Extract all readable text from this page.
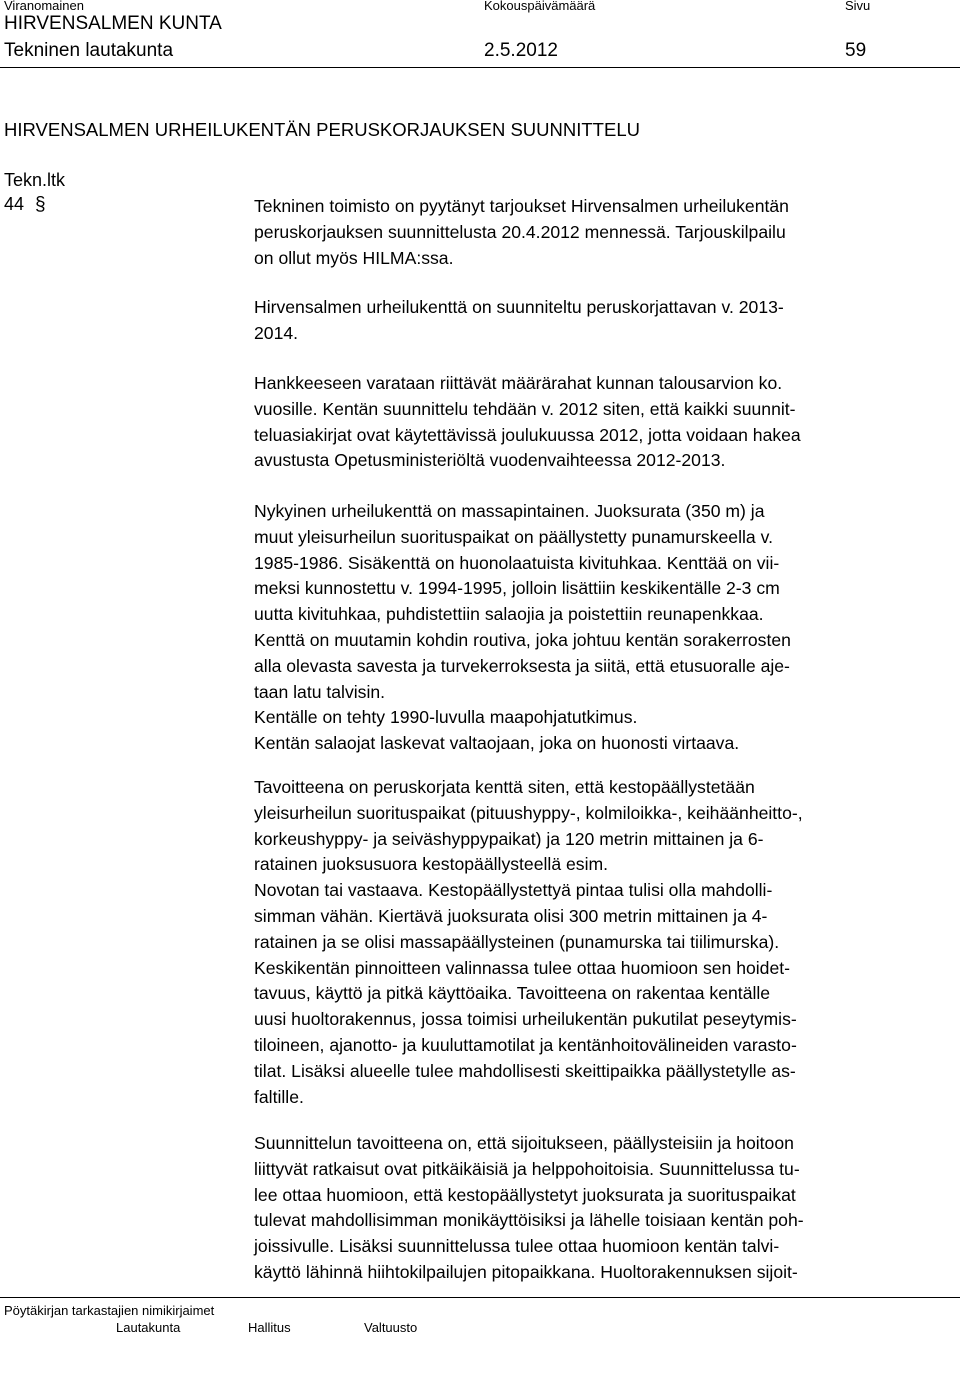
Viranomainen	Kokouspäivämäärä	Sivu
HIRVENSALMEN KUNTA
Tekninen lautakunta	2.5.2012	59
HIRVENSALMEN URHEILUKENTÄN PERUSKORJAUKSEN SUUNNITTELU
Tekn.ltk
44 §	Tekninen toimisto on pyytänyt tarjoukset Hirvensalmen urheilukentän
peruskorjauksen suunnittelusta 20.4.2012 mennessä. Tarjouskilpailu
on ollut myös HILMA:ssa.
Hirvensalmen urheilukenttä on suunniteltu peruskorjattavan v. 2013-
2014.
Hankkeeseen varataan riittävät määrärahat kunnan talousarvion ko.
vuosille. Kentän suunnittelu tehdään v. 2012 siten, että kaikki suunnit-
teluasiakirjat ovat käytettävissä joulukuussa 2012, jotta voidaan hakea
avustusta Opetusministeriöltä vuodenvaihteessa 2012-2013.
Nykyinen urheilukenttä on massapintainen. Juoksurata (350 m) ja
muut yleisurheilun suorituspaikat on päällystetty punamurskeella v.
1985-1986. Sisäkenttä on huonolaatuista kivituhkaa. Kenttää on vii-
meksi kunnostettu v. 1994-1995, jolloin lisättiin keskikentälle 2-3 cm
uutta kivituhkaa, puhdistettiin salaojia ja poistettiin reunapenkkaa.
Kenttä on muutamin kohdin routiva, joka johtuu kentän sorakerrosten
alla olevasta savesta ja turvekerroksesta ja siitä, että etusuoralle aje-
taan latu talvisin.
Kentälle on tehty 1990-luvulla maapohjatutkimus.
Kentän salaojat laskevat valtaojaan, joka on huonosti virtaava.
Tavoitteena on peruskorjata kenttä siten, että kestopäällystetään
yleisurheilun suorituspaikat (pituushyppy-, kolmiloikka-, keihäänheitto-,
korkeushyppy- ja seiväshyppypaikat) ja 120 metrin mittainen ja 6-
ratainen juoksusuora kestopäällysteellä esim.
Novotan tai vastaava. Kestopäällystettyä pintaa tulisi olla mahdolli-
simman vähän. Kiertävä juoksurata olisi 300 metrin mittainen ja 4-
ratainen ja se olisi massapäällysteinen (punamurska tai tiilimurska).
Keskikentän pinnoitteen valinnassa tulee ottaa huomioon sen hoidet-
tavuus, käyttö ja pitkä käyttöaika. Tavoitteena on rakentaa kentälle
uusi huoltorakennus, jossa toimisi urheilukentän pukutilat peseytymis-
tiloineen, ajanotto- ja kuuluttamotilat ja kentänhoitovälineiden varasto-
tilat. Lisäksi alueelle tulee mahdollisesti skeittipaikka päällystetylle as-
faltille.
Suunnittelun tavoitteena on, että sijoitukseen, päällysteisiin ja hoitoon
liittyvät ratkaisut ovat pitkäikäisiä ja helppohoitoisia. Suunnittelussa tu-
lee ottaa huomioon, että kestopäällystetyt juoksurata ja suorituspaikat
tulevat mahdollisimman monikäyttöisiksi ja lähelle toisiaan kentän poh-
joissivulle. Lisäksi suunnittelussa tulee ottaa huomioon kentän talvi-
käyttö lähinnä hiihtokilpailujen pitopaikkana. Huoltorakennuksen sijoit-
Pöytäkirjan tarkastajien nimikirjaimet
Lautakunta	Hallitus	Valtuusto
